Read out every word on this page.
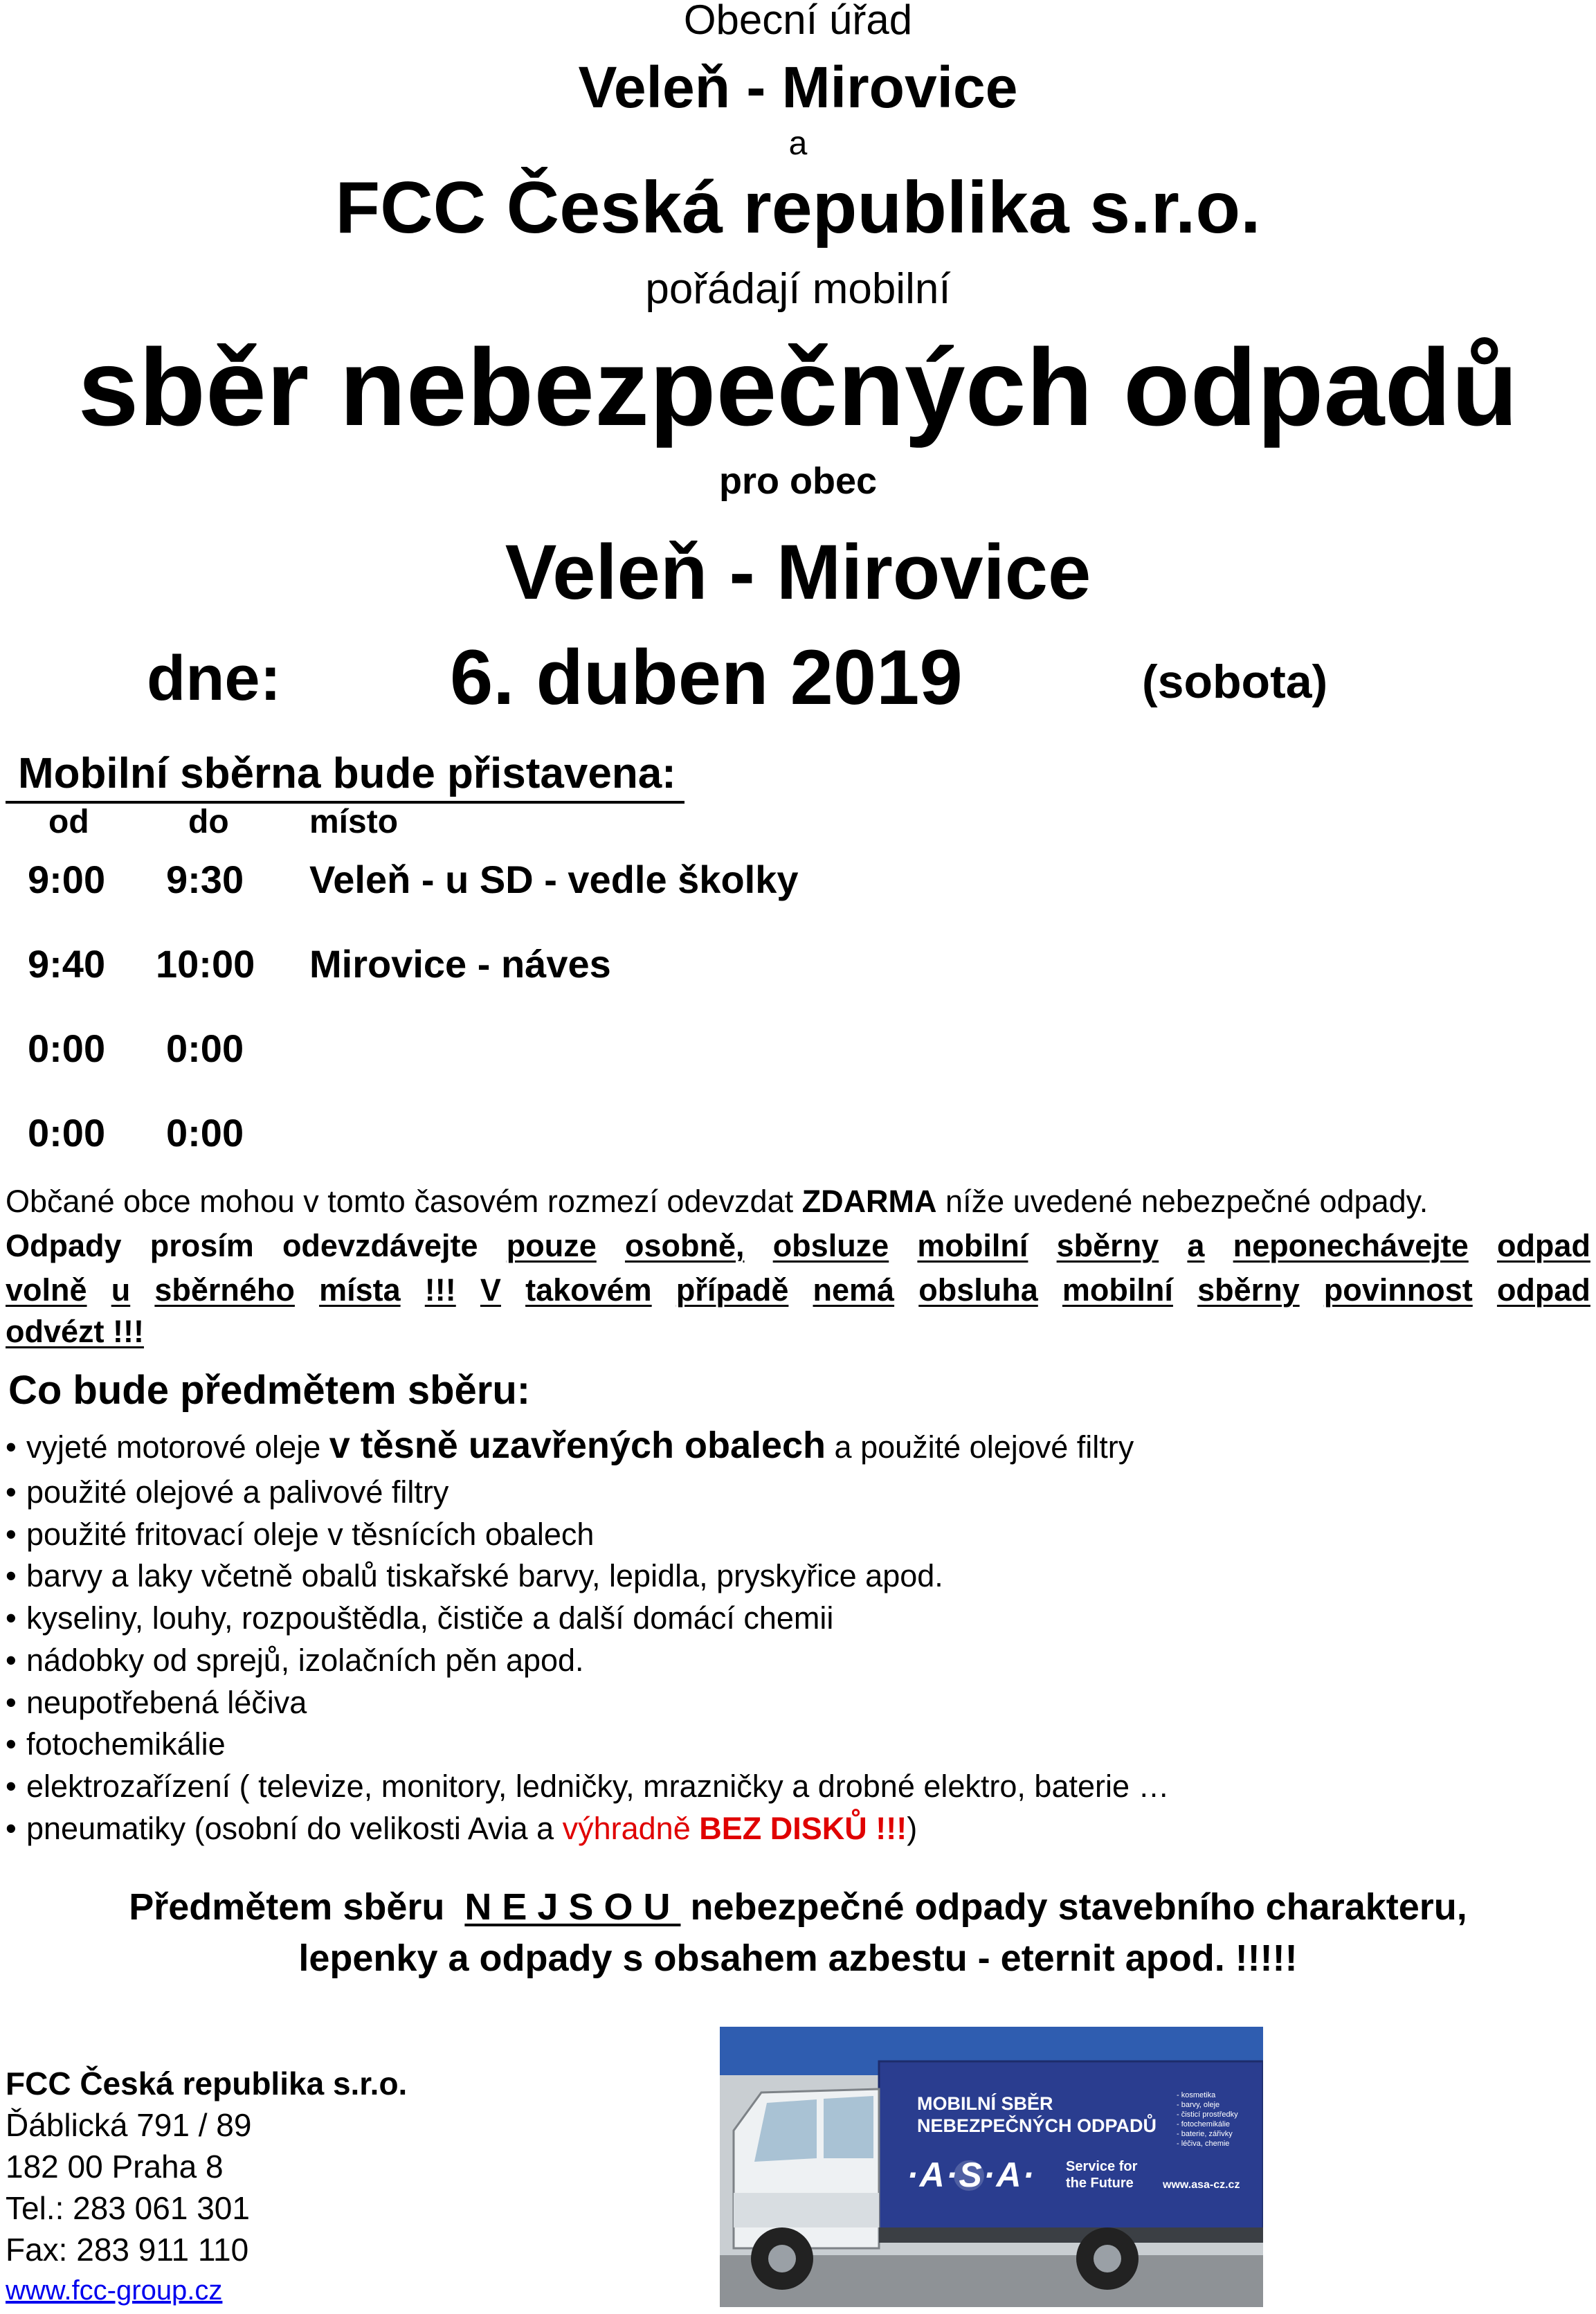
Obecní úřad
Veleň - Mirovice
a
FCC Česká republika s.r.o.
pořádají mobilní
sběr nebezpečných odpadů
pro obec
Veleň - Mirovice
dne: 6. duben 2019	(sobota)
Mobilní sběrna bude přistavena:
od	do místo
9:00 9:30 Veleň - u SD - vedle školky
9:40 10:00 Mirovice - náves
0:00 0:00
0:00 0:00
Občané obce mohou v tomto časovém rozmezí odevzdat ZDARMA níže uvedené nebezpečné odpady.
Odpady prosím odevzdávejte pouze osobně, obsluze mobilní sběrny a neponechávejte odpad
volně u sběrného místa !!! V takovém případě nemá obsluha mobilní sběrny povinnost odpad
odvézt !!!
Co bude předmětem sběru:
• vyjeté motorové oleje v těsně uzavřených obalech a použité olejové filtry
• použité olejové a palivové filtry
• použité fritovací oleje v těsnících obalech
• barvy a laky včetně obalů tiskařské barvy, lepidla, pryskyřice apod.
• kyseliny, louhy, rozpouštědla, čističe a další domácí chemii
• nádobky od sprejů, izolačních pěn apod.
• neupotřebená léčiva
• fotochemikálie
• elektrozařízení ( televize, monitory, ledničky, mrazničky a drobné elektro, baterie …
• pneumatiky (osobní do velikosti Avia a výhradně BEZ DISKŮ !!!)
Předmětem sběru N E J S O U nebezpečné odpady stavebního charakteru,
lepenky a odpady s obsahem azbestu - eternit apod. !!!!!
FCC Česká republika s.r.o.
Ďáblická 791 / 89
182 00 Praha 8
Tel.: 283 061 301
Fax: 283 911 110
www.fcc-group.cz
MOBILNÍ SBĚR
NEBEZPEČNÝCH ODPADŮ
·A·S·A· Service for
the Future	www.asa-cz.cz
- kosmetika
- barvy, oleje
- čisticí prostředky
- fotochemikálie
- baterie, zářivky
- léčiva, chemie
